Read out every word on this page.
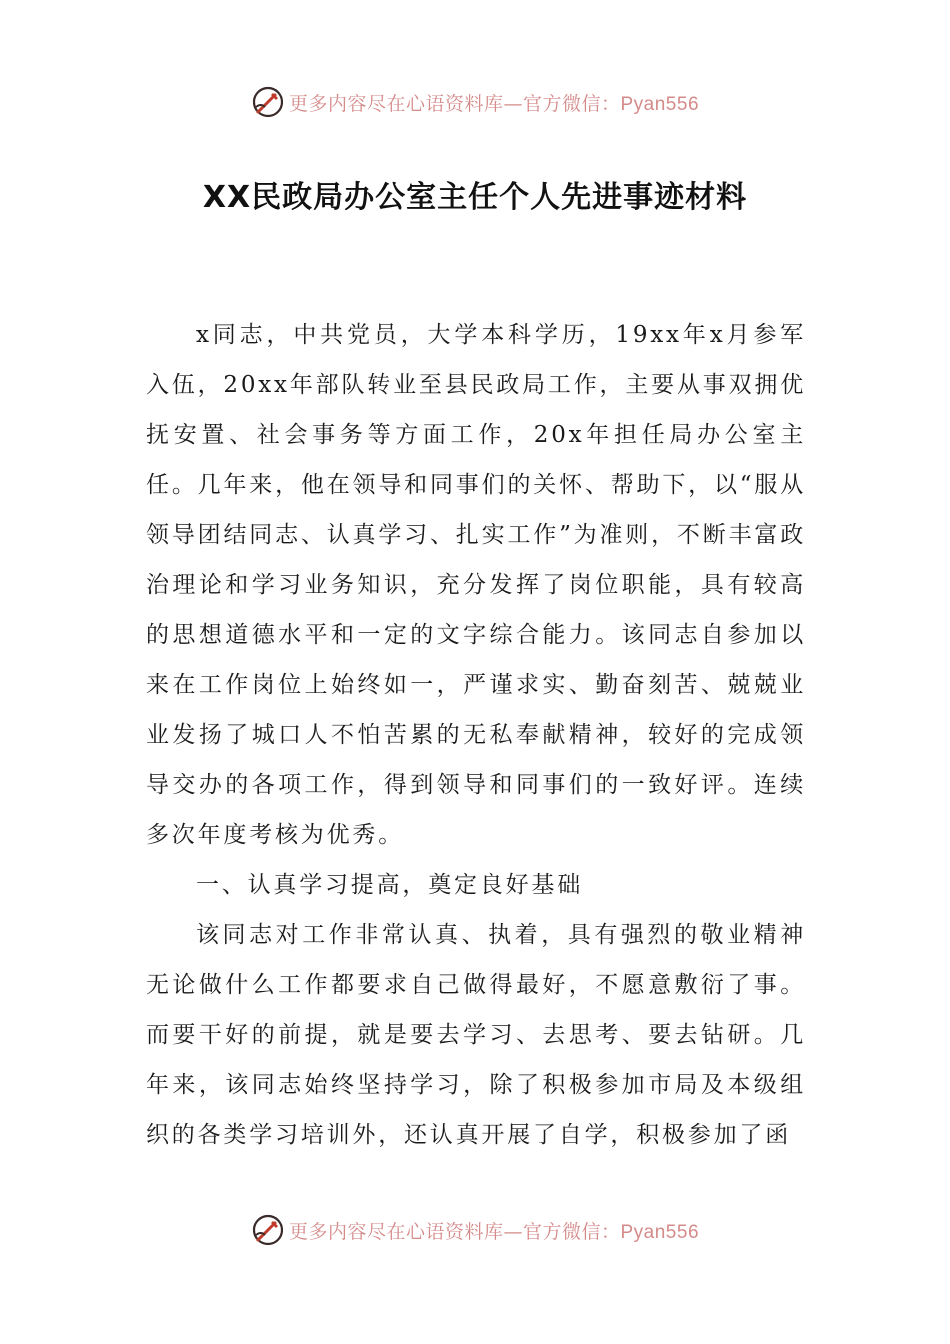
更多内容尽在心语资料库—官方微信：Pyan556
XX民政局办公室主任个人先进事迹材料

x同志，中共党员，大学本科学历，19xx年x月参军入伍，20xx年部队转业至县民政局工作，主要从事双拥优抚安置、社会事务等方面工作，20x年担任局办公室主任。几年来，他在领导和同事们的关怀、帮助下，以“服从领导团结同志、认真学习、扎实工作”为准则，不断丰富政治理论和学习业务知识，充分发挥了岗位职能，具有较高的思想道德水平和一定的文字综合能力。该同志自参加以来在工作岗位上始终如一，严谨求实、勤奋刻苦、兢兢业业发扬了城口人不怕苦累的无私奉献精神，较好的完成领导交办的各项工作，得到领导和同事们的一致好评。连续多次年度考核为优秀。

一、认真学习提高，奠定良好基础

该同志对工作非常认真、执着，具有强烈的敬业精神无论做什么工作都要求自己做得最好，不愿意敷衍了事。而要干好的前提，就是要去学习、去思考、要去钻研。几年来，该同志始终坚持学习，除了积极参加市局及本级组织的各类学习培训外，还认真开展了自学，积极参加了函

更多内容尽在心语资料库—官方微信：Pyan556
